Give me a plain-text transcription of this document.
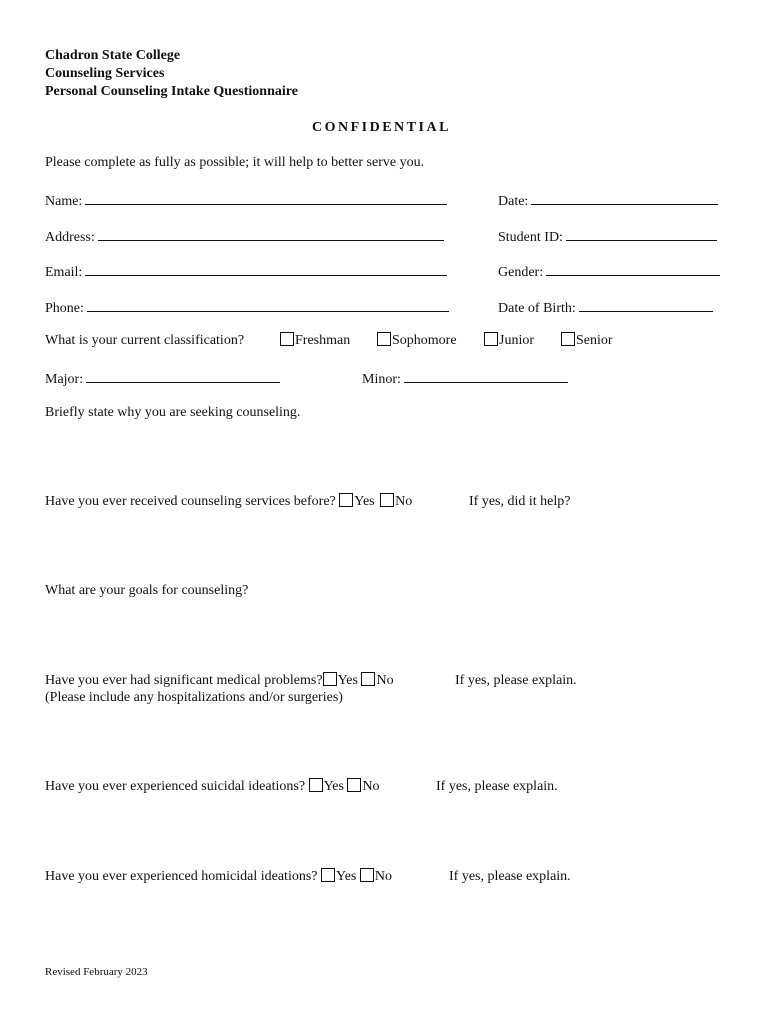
Chadron State College
Counseling Services
Personal Counseling Intake Questionnaire
CONFIDENTIAL
Please complete as fully as possible; it will help to better serve you.
Name:	Date:
Address:	Student ID:
Email:	Gender:
Phone:	Date of Birth:
What is your current classification?	Freshman	Sophomore	Junior	Senior
Major:	Minor:
Briefly state why you are seeking counseling.
Have you ever received counseling services before? Yes No	If yes, did it help?
What are your goals for counseling?
Have you ever had significant medical problems? Yes No	If yes, please explain.
(Please include any hospitalizations and/or surgeries)
Have you ever experienced suicidal ideations? Yes No	If yes, please explain.
Have you ever experienced homicidal ideations? Yes No	If yes, please explain.
Revised February 2023
